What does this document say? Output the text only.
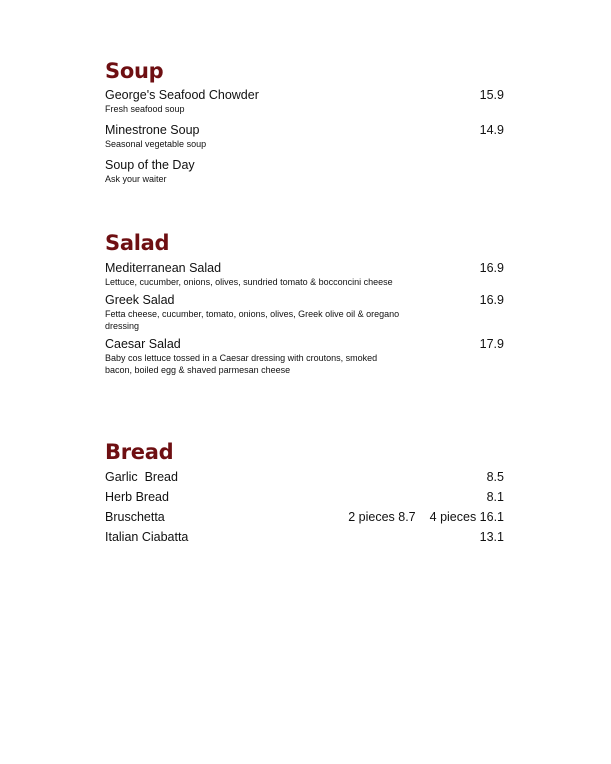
Soup
George's Seafood Chowder	15.9
Fresh seafood soup
Minestrone Soup	14.9
Seasonal vegetable soup
Soup of the Day
Ask your waiter
Salad
Mediterranean Salad	16.9
Lettuce, cucumber, onions, olives, sundried tomato & bocconcini cheese
Greek Salad	16.9
Fetta cheese, cucumber, tomato, onions, olives, Greek olive oil & oregano dressing
Caesar Salad	17.9
Baby cos lettuce tossed in a Caesar dressing with croutons, smoked bacon, boiled egg & shaved parmesan cheese
Bread
Garlic  Bread	8.5
Herb Bread	8.1
Bruschetta	2 pieces 8.7 4 pieces 16.1
Italian Ciabatta	13.1
